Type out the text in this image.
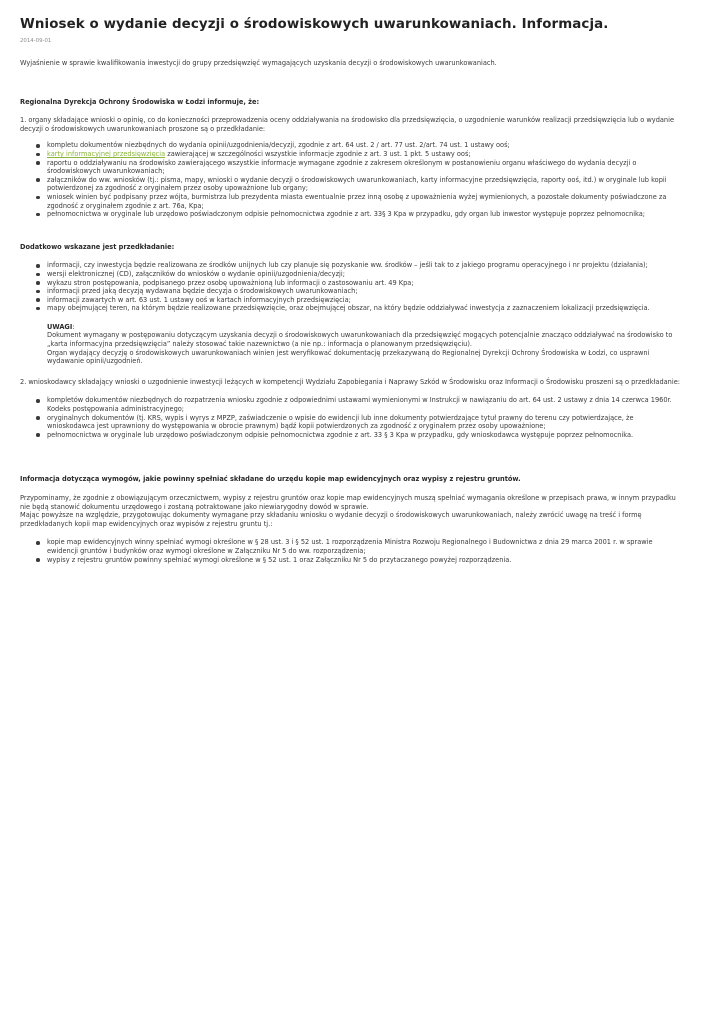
Wniosek o wydanie decyzji o środowiskowych uwarunkowaniach. Informacja.
2014-09-01

Wyjaśnienie w sprawie kwalifikowania inwestycji do grupy przedsięwzięć wymagających uzyskania decyzji o środowiskowych uwarunkowaniach.

Regionalna Dyrekcja Ochrony Środowiska w Łodzi informuje, że:

1. organy składające wnioski o opinię, co do konieczności przeprowadzenia oceny oddziaływania na środowisko dla przedsięwzięcia, o uzgodnienie warunków realizacji przedsięwzięcia lub o wydanie decyzji o środowiskowych uwarunkowaniach proszone są o przedkładanie:

kompletu dokumentów niezbędnych do wydania opinii/uzgodnienia/decyzji, zgodnie z art. 64 ust. 2 / art. 77 ust. 2/art. 74 ust. 1 ustawy ooś;
karty informacyjnej przedsięwzięcia zawierającej w szczególności wszystkie informacje zgodnie z art. 3 ust. 1 pkt. 5 ustawy ooś;
raportu o oddziaływaniu na środowisko zawierającego wszystkie informacje wymagane zgodnie z zakresem określonym w postanowieniu organu właściwego do wydania decyzji o środowiskowych uwarunkowaniach;
załączników do ww. wniosków (tj.: pisma, mapy, wnioski o wydanie decyzji o środowiskowych uwarunkowaniach, karty informacyjne przedsięwzięcia, raporty ooś, itd.) w oryginale lub kopii potwierdzonej za zgodność z oryginałem przez osoby upoważnione lub organy;
wniosek winien być podpisany przez wójta, burmistrza lub prezydenta miasta ewentualnie przez inną osobę z upoważnienia wyżej wymienionych, a pozostałe dokumenty poświadczone za zgodność z oryginałem zgodnie z art. 76a, Kpa;
pełnomocnictwa w oryginale lub urzędowo poświadczonym odpisie pełnomocnictwa zgodnie z art. 33§ 3 Kpa w przypadku, gdy organ lub inwestor występuje poprzez pełnomocnika;

Dodatkowo wskazane jest przedkładanie:

informacji, czy inwestycja będzie realizowana ze środków unijnych lub czy planuje się pozyskanie ww. środków – jeśli tak to z jakiego programu operacyjnego i nr projektu (działania);
wersji elektronicznej (CD), załączników do wniosków o wydanie opinii/uzgodnienia/decyzji;
wykazu stron postępowania, podpisanego przez osobę upoważnioną lub informacji o zastosowaniu art. 49 Kpa;
informacji przed jaką decyzją wydawana będzie decyzja o środowiskowych uwarunkowaniach;
informacji zawartych w art. 63 ust. 1 ustawy ooś w kartach informacyjnych przedsięwzięcia;
mapy obejmującej teren, na którym będzie realizowane przedsięwzięcie, oraz obejmującej obszar, na który będzie oddziaływać inwestycja z zaznaczeniem lokalizacji przedsięwzięcia.
UWAGI:

Dokument wymagany w postępowaniu dotyczącym uzyskania decyzji o środowiskowych uwarunkowaniach dla przedsięwzięć mogących potencjalnie znacząco oddziaływać na środowisko to „karta informacyjna przedsięwzięcia” należy stosować takie nazewnictwo (a nie np.: informacja o planowanym przedsięwzięciu).

Organ wydający decyzję o środowiskowych uwarunkowaniach winien jest weryfikować dokumentację przekazywaną do Regionalnej Dyrekcji Ochrony Środowiska w Łodzi, co usprawni wydawanie opinii/uzgodnień.

2. wnioskodawcy składający wnioski o uzgodnienie inwestycji leżących w kompetencji Wydziału Zapobiegania i Naprawy Szkód w Środowisku oraz Informacji o Środowisku proszeni są o przedkładanie:

kompletów dokumentów niezbędnych do rozpatrzenia wniosku zgodnie z odpowiednimi ustawami wymienionymi w Instrukcji w nawiązaniu do art. 64 ust. 2 ustawy z dnia 14 czerwca 1960r. Kodeks postępowania administracyjnego;
oryginalnych dokumentów (tj. KRS, wypis i wyrys z MPZP, zaświadczenie o wpisie do ewidencji lub inne dokumenty potwierdzające tytuł prawny do terenu czy potwierdzające, że wnioskodawca jest uprawniony do występowania w obrocie prawnym) bądź kopii potwierdzonych za zgodność z oryginałem przez osoby upoważnione;
pełnomocnictwa w oryginale lub urzędowo poświadczonym odpisie pełnomocnictwa zgodnie z art. 33 § 3 Kpa w przypadku, gdy wnioskodawca występuje poprzez pełnomocnika.

Informacja dotycząca wymogów, jakie powinny spełniać składane do urzędu kopie map ewidencyjnych oraz wypisy z rejestru gruntów.

Przypominamy, że zgodnie z obowiązującym orzecznictwem, wypisy z rejestru gruntów oraz kopie map ewidencyjnych muszą spełniać wymagania określone w przepisach prawa, w innym przypadku nie będą stanowić dokumentu urzędowego i zostaną potraktowane jako niewiarygodny dowód w sprawie.

Mając powyższe na względzie, przygotowując dokumenty wymagane przy składaniu wniosku o wydanie decyzji o środowiskowych uwarunkowaniach, należy zwrócić uwagę na treść i formę przedkładanych kopii map ewidencyjnych oraz wypisów z rejestru gruntu tj.:

kopie map ewidencyjnych winny spełniać wymogi określone w § 28 ust. 3 i § 52 ust. 1 rozporządzenia Ministra Rozwoju Regionalnego i Budownictwa z dnia 29 marca 2001 r. w sprawie ewidencji gruntów i budynków oraz wymogi określone w Załączniku Nr 5 do ww. rozporządzenia;
wypisy z rejestru gruntów powinny spełniać wymogi określone w § 52 ust. 1 oraz Załączniku Nr 5 do przytaczanego powyżej rozporządzenia.
